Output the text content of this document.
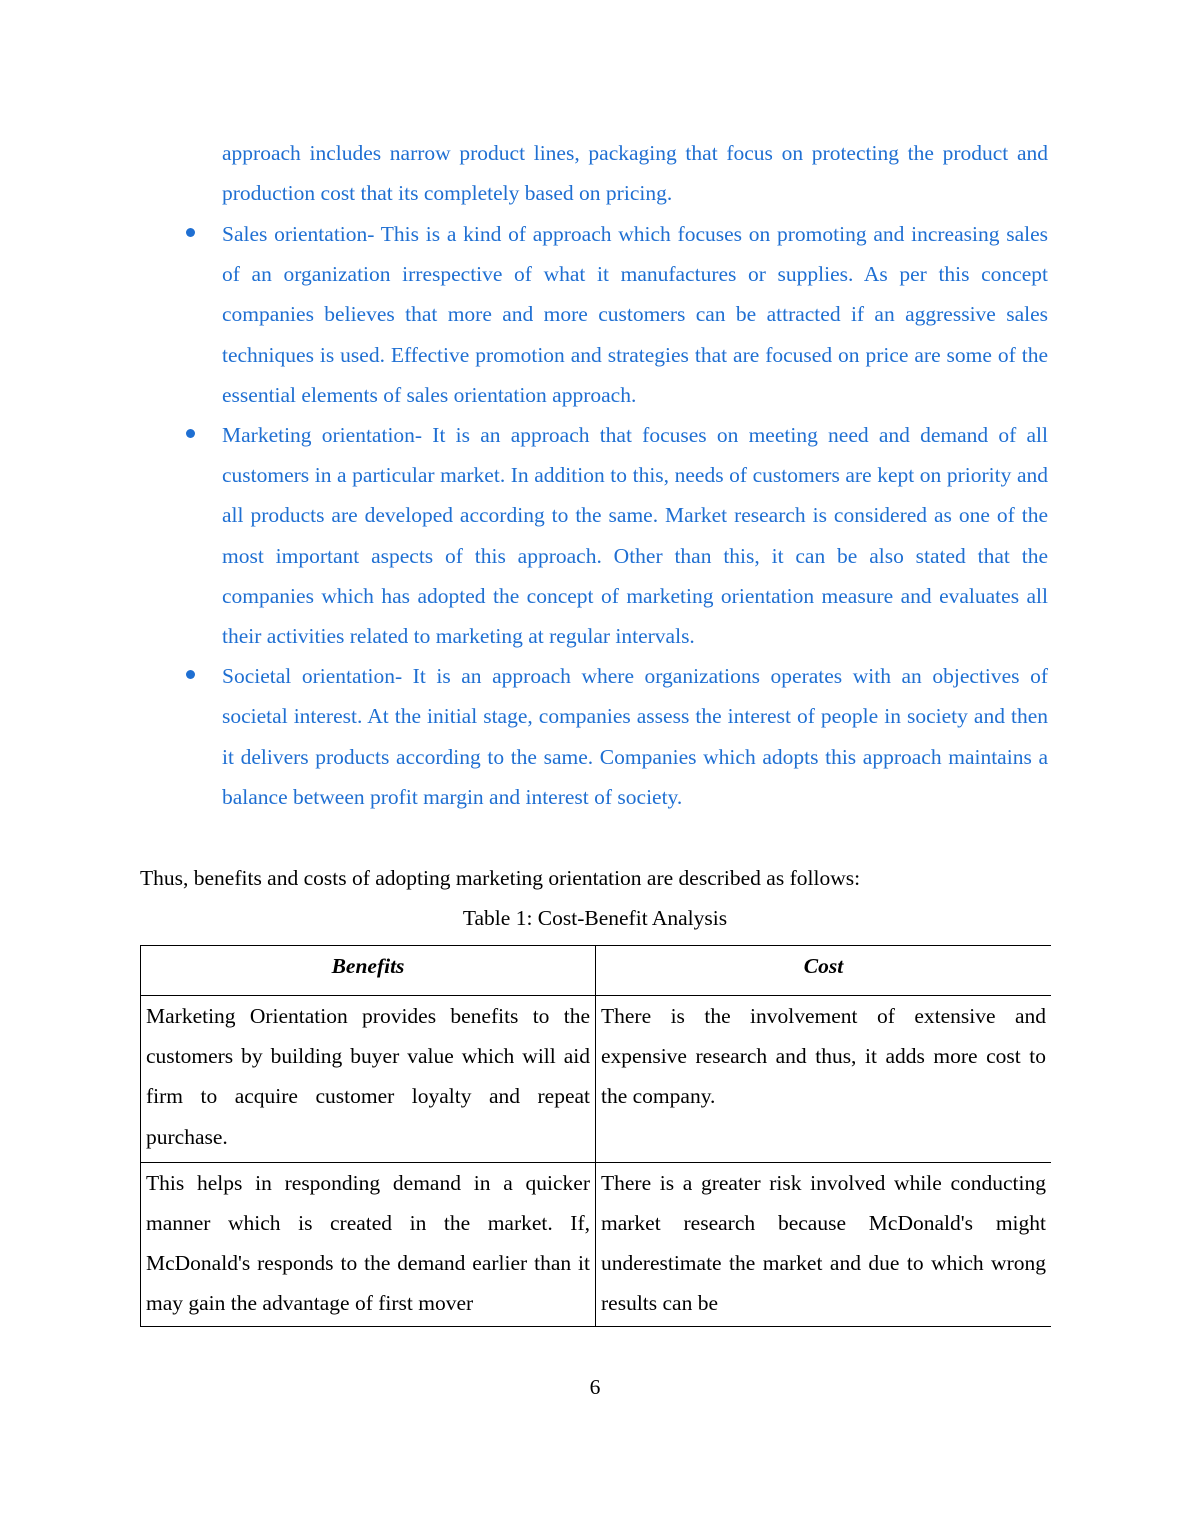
approach includes narrow product lines, packaging that focus on protecting the product and production cost that its completely based on pricing.

Sales orientation- This is a kind of approach which focuses on promoting and increasing sales of an organization irrespective of what it manufactures or supplies. As per this concept companies believes that more and more customers can be attracted if an aggressive sales techniques is used. Effective promotion and strategies that are focused on price are some of the essential elements of sales orientation approach.
Marketing orientation- It is an approach that focuses on meeting need and demand of all customers in a particular market. In addition to this, needs of customers are kept on priority and all products are developed according to the same. Market research is considered as one of the most important aspects of this approach. Other than this, it can be also stated that the companies which has adopted the concept of marketing orientation measure and evaluates all their activities related to marketing at regular intervals.
Societal orientation- It is an approach where organizations operates with an objectives of societal interest. At the initial stage, companies assess the interest of people in society and then it delivers products according to the same. Companies which adopts this approach maintains a balance between profit margin and interest of society.

Thus, benefits and costs of adopting marketing orientation are described as follows:

Table 1: Cost-Benefit Analysis

Benefits	Cost
Marketing Orientation provides benefits to the customers by building buyer value which will aid firm to acquire customer loyalty and repeat purchase.	There is the involvement of extensive and expensive research and thus, it adds more cost to the company.
This helps in responding demand in a quicker manner which is created in the market. If, McDonald's responds to the demand earlier than it may gain the advantage of first mover	There is a greater risk involved while conducting market research because McDonald's might underestimate the market and due to which wrong results can be

6
